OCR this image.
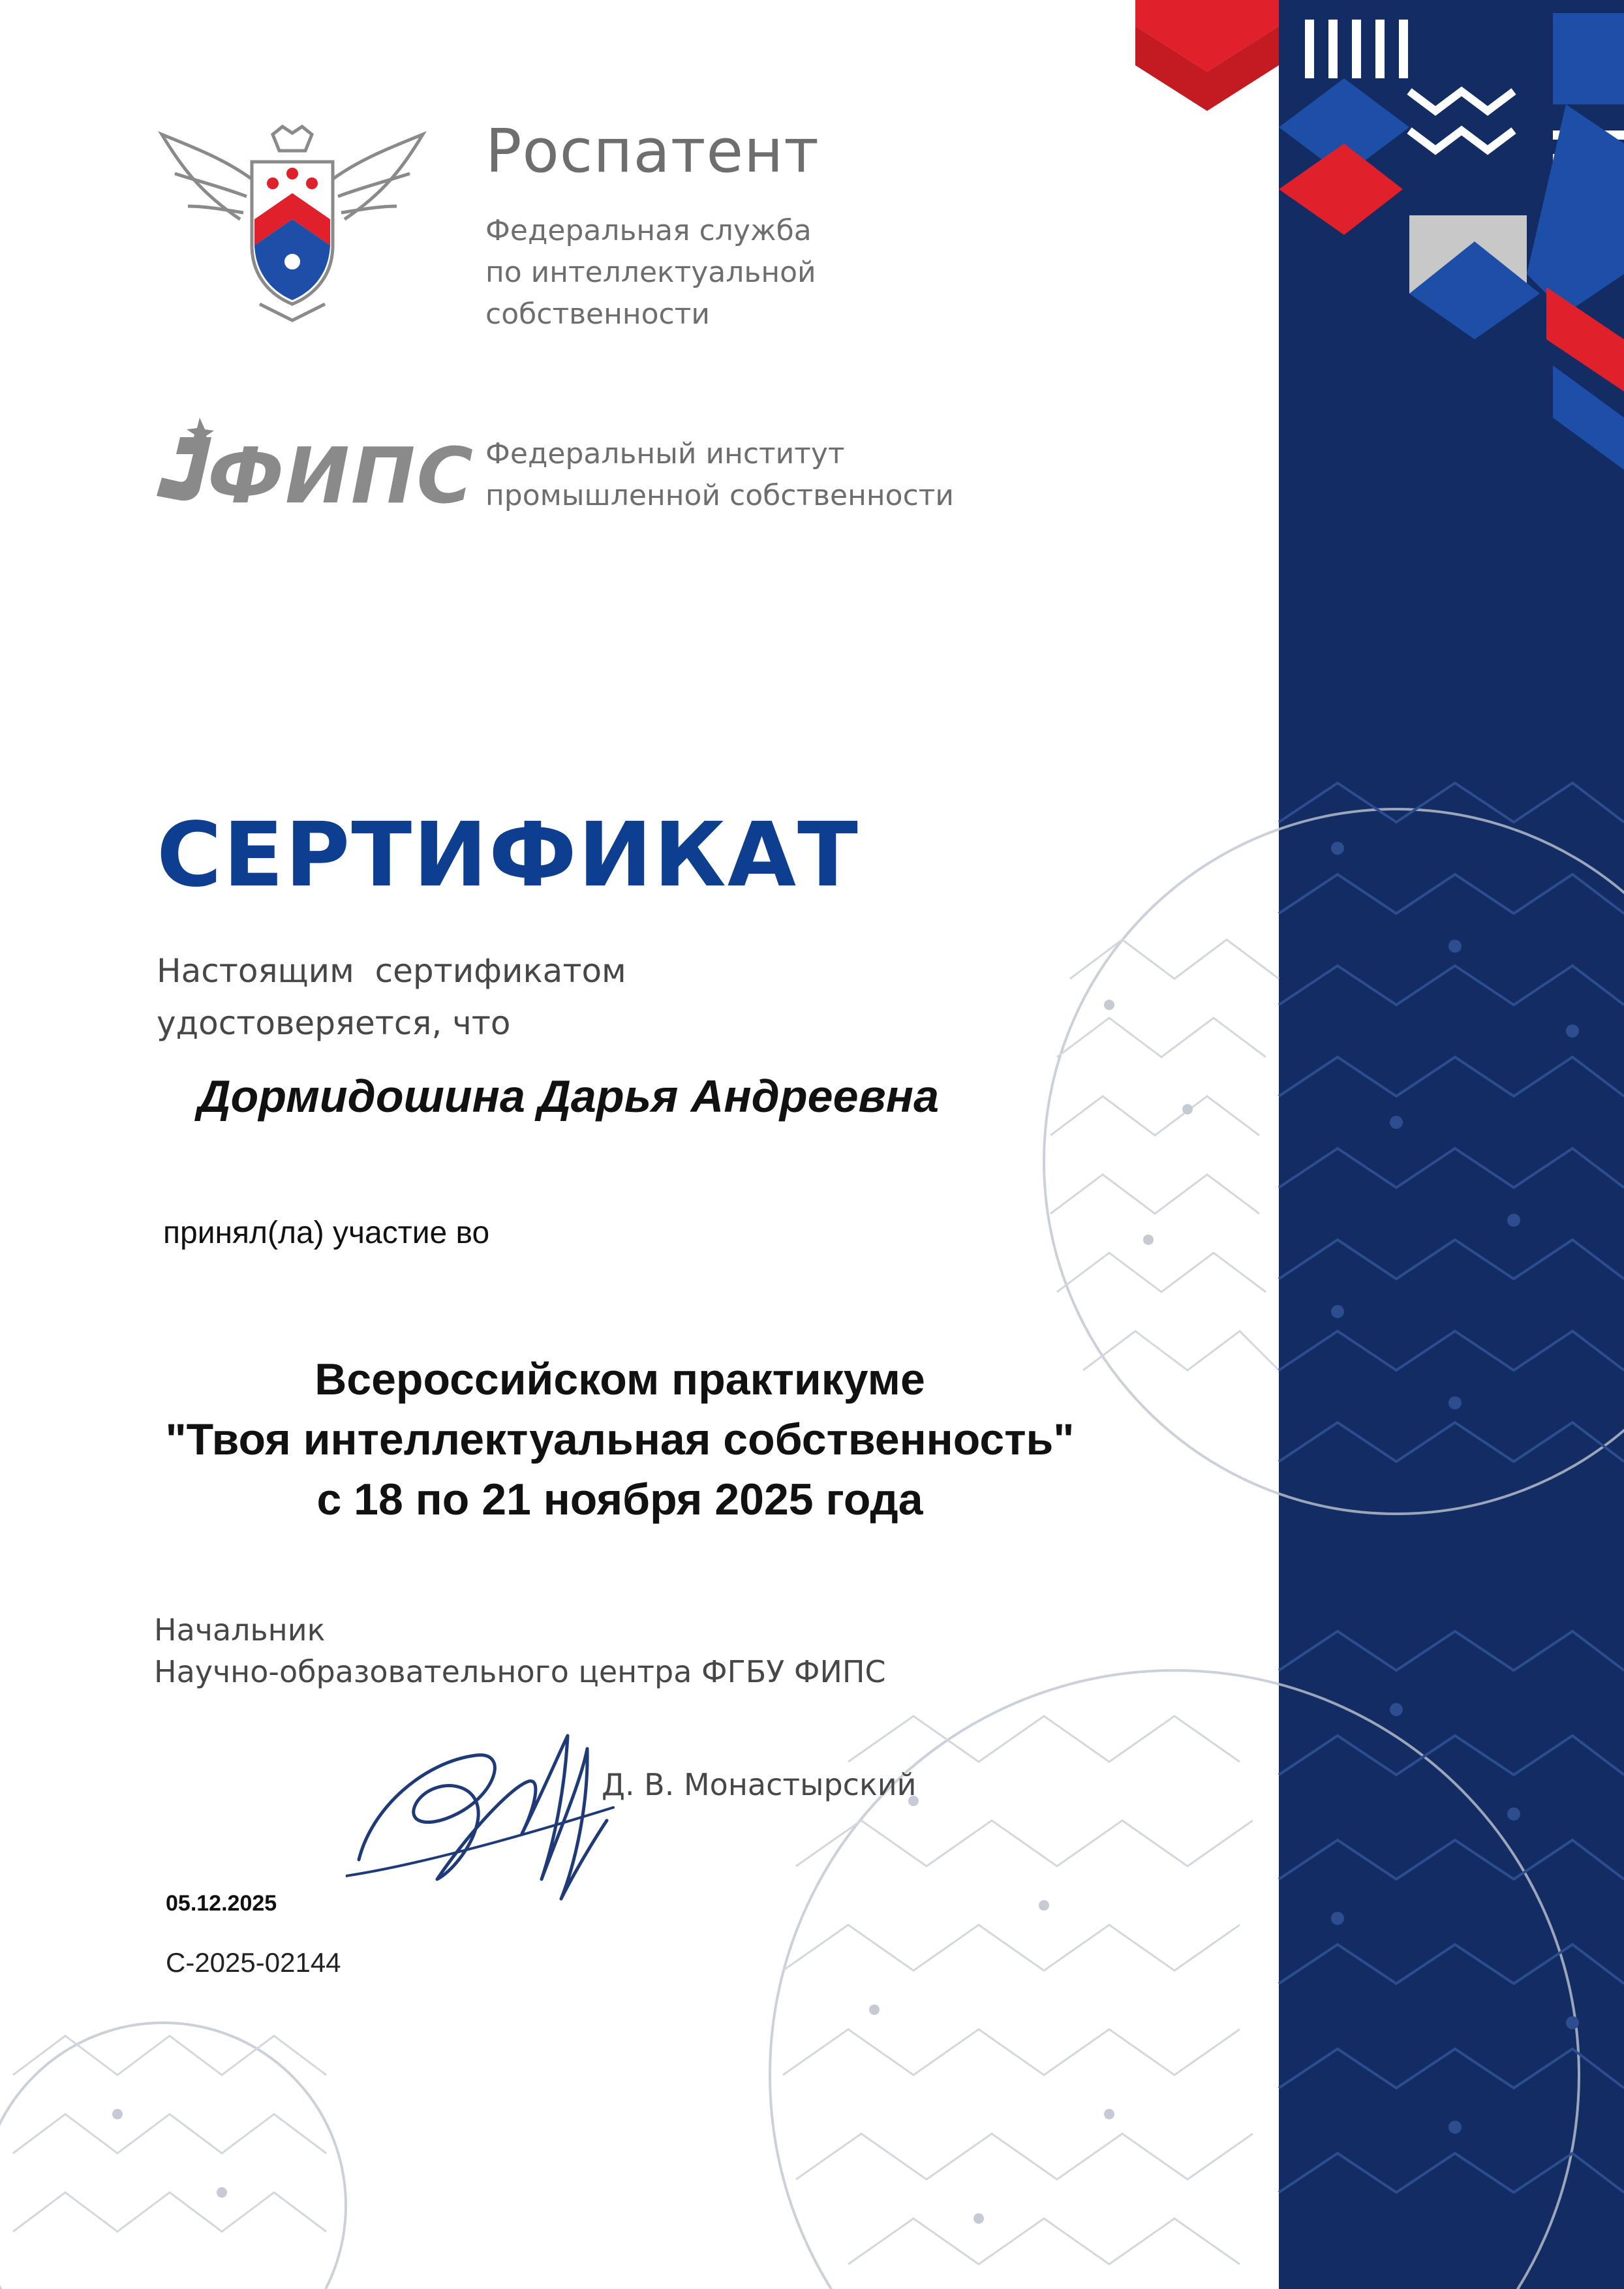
Роспатент

Федеральная служба
по интеллектуальной
собственности

ФИПС Федеральный институт
промышленной собственности

СЕРТИФИКАТ

Настоящим  сертификатом
удостоверяется, что

Дормидошина Дарья Андреевна

принял(ла) участие во

Всероссийском практикуме
"Твоя интеллектуальная собственность"
с 18 по 21 ноября 2025 года
Начальник
Научно-образовательного центра ФГБУ ФИПС

Д. В. Монастырский

05.12.2025

С-2025-02144
